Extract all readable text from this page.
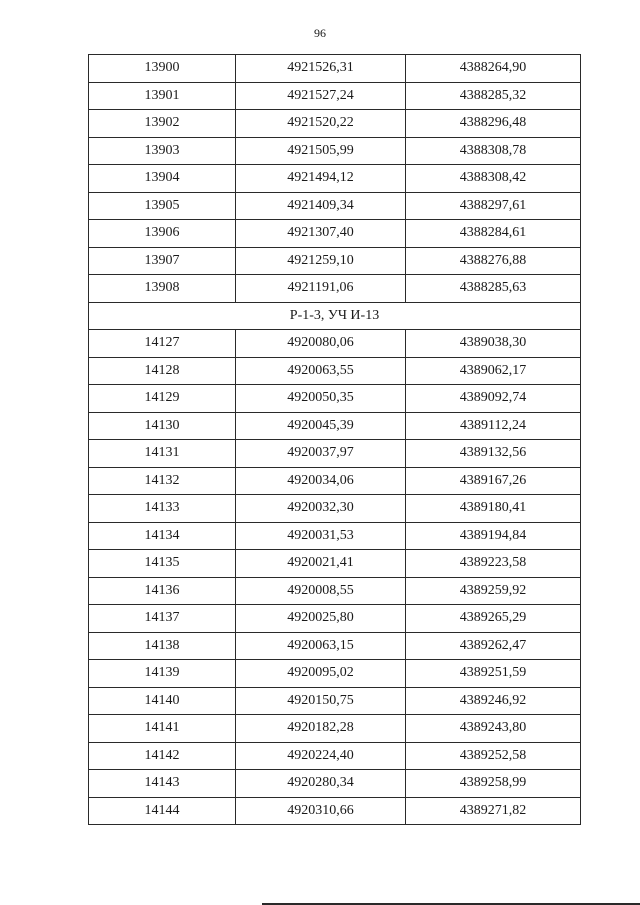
96
13900	4921526,31	4388264,90
13901	4921527,24	4388285,32
13902	4921520,22	4388296,48
13903	4921505,99	4388308,78
13904	4921494,12	4388308,42
13905	4921409,34	4388297,61
13906	4921307,40	4388284,61
13907	4921259,10	4388276,88
13908	4921191,06	4388285,63
Р-1-3, УЧ И-13		
14127	4920080,06	4389038,30
14128	4920063,55	4389062,17
14129	4920050,35	4389092,74
14130	4920045,39	4389112,24
14131	4920037,97	4389132,56
14132	4920034,06	4389167,26
14133	4920032,30	4389180,41
14134	4920031,53	4389194,84
14135	4920021,41	4389223,58
14136	4920008,55	4389259,92
14137	4920025,80	4389265,29
14138	4920063,15	4389262,47
14139	4920095,02	4389251,59
14140	4920150,75	4389246,92
14141	4920182,28	4389243,80
14142	4920224,40	4389252,58
14143	4920280,34	4389258,99
14144	4920310,66	4389271,82
